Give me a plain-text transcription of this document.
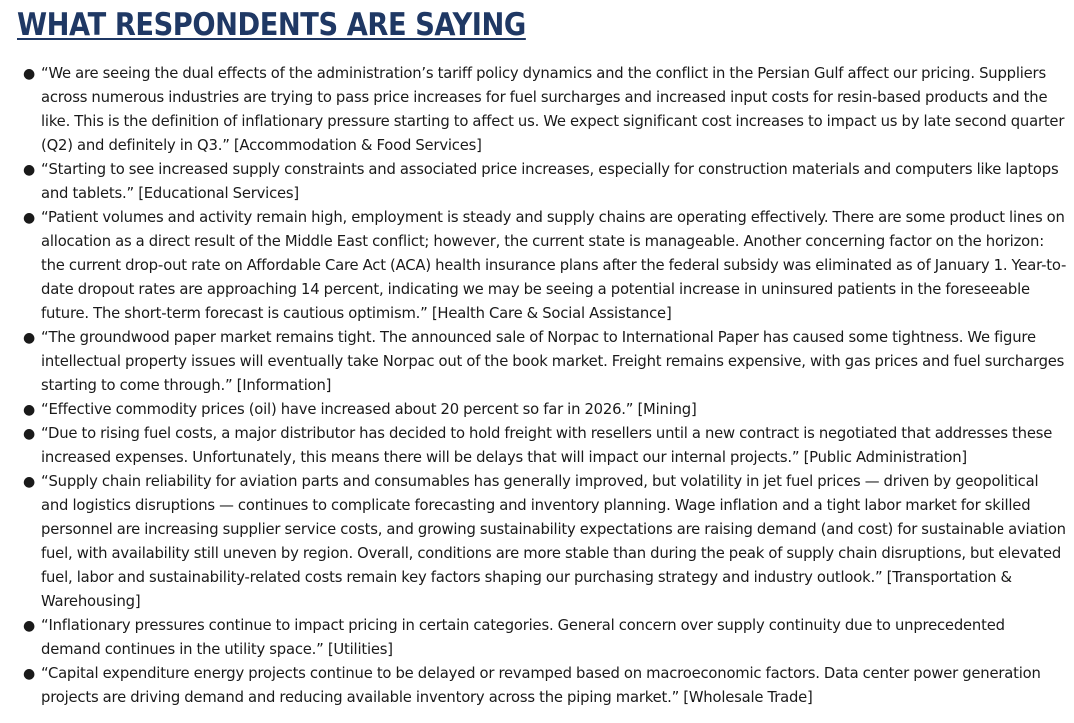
WHAT RESPONDENTS ARE SAYING
● “We are seeing the dual effects of the administration’s tariff policy dynamics and the conflict in the Persian Gulf affect our pricing. Suppliers across numerous industries are trying to pass price increases for fuel surcharges and increased input costs for resin-based products and the like. This is the definition of inflationary pressure starting to affect us. We expect significant cost increases to impact us by late second quarter (Q2) and definitely in Q3.” [Accommodation & Food Services]
● “Starting to see increased supply constraints and associated price increases, especially for construction materials and computers like laptops and tablets.” [Educational Services]
● “Patient volumes and activity remain high, employment is steady and supply chains are operating effectively. There are some product lines on allocation as a direct result of the Middle East conflict; however, the current state is manageable. Another concerning factor on the horizon: the current drop-out rate on Affordable Care Act (ACA) health insurance plans after the federal subsidy was eliminated as of January 1. Year-to-date dropout rates are approaching 14 percent, indicating we may be seeing a potential increase in uninsured patients in the foreseeable future. The short-term forecast is cautious optimism.” [Health Care & Social Assistance]
● “The groundwood paper market remains tight. The announced sale of Norpac to International Paper has caused some tightness. We figure intellectual property issues will eventually take Norpac out of the book market. Freight remains expensive, with gas prices and fuel surcharges starting to come through.” [Information]
● “Effective commodity prices (oil) have increased about 20 percent so far in 2026.” [Mining]
● “Due to rising fuel costs, a major distributor has decided to hold freight with resellers until a new contract is negotiated that addresses these increased expenses. Unfortunately, this means there will be delays that will impact our internal projects.” [Public Administration]
● “Supply chain reliability for aviation parts and consumables has generally improved, but volatility in jet fuel prices — driven by geopolitical and logistics disruptions — continues to complicate forecasting and inventory planning. Wage inflation and a tight labor market for skilled personnel are increasing supplier service costs, and growing sustainability expectations are raising demand (and cost) for sustainable aviation fuel, with availability still uneven by region. Overall, conditions are more stable than during the peak of supply chain disruptions, but elevated fuel, labor and sustainability-related costs remain key factors shaping our purchasing strategy and industry outlook.” [Transportation & Warehousing]
● “Inflationary pressures continue to impact pricing in certain categories. General concern over supply continuity due to unprecedented demand continues in the utility space.” [Utilities]
● “Capital expenditure energy projects continue to be delayed or revamped based on macroeconomic factors. Data center power generation projects are driving demand and reducing available inventory across the piping market.” [Wholesale Trade]
